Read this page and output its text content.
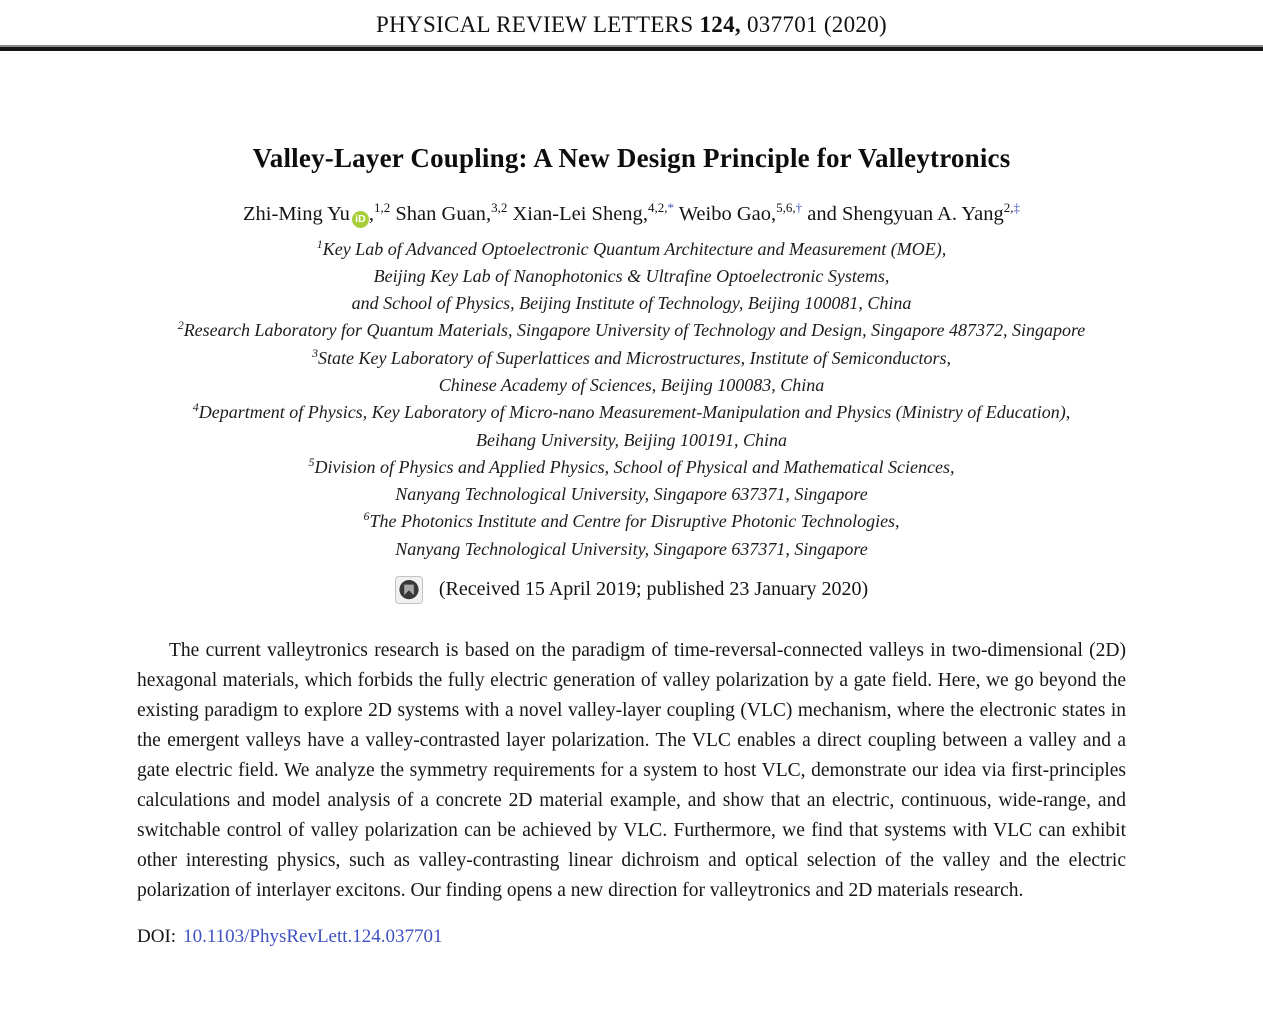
PHYSICAL REVIEW LETTERS 124, 037701 (2020)
Valley-Layer Coupling: A New Design Principle for Valleytronics
Zhi-Ming Yu iD ,$^{1,2}$ Shan Guan,$^{3,2}$ Xian-Lei Sheng,$^{4,2,*}$ Weibo Gao,$^{5,6,\dagger}$ and Shengyuan A. Yang$^{2,\ddagger}$
$^1$Key Lab of Advanced Optoelectronic Quantum Architecture and Measurement (MOE),
Beijing Key Lab of Nanophotonics & Ultrafine Optoelectronic Systems,
and School of Physics, Beijing Institute of Technology, Beijing 100081, China
$^2$Research Laboratory for Quantum Materials, Singapore University of Technology and Design, Singapore 487372, Singapore
$^3$State Key Laboratory of Superlattices and Microstructures, Institute of Semiconductors,
Chinese Academy of Sciences, Beijing 100083, China
$^4$Department of Physics, Key Laboratory of Micro-nano Measurement-Manipulation and Physics (Ministry of Education),
Beihang University, Beijing 100191, China
$^5$Division of Physics and Applied Physics, School of Physical and Mathematical Sciences,
Nanyang Technological University, Singapore 637371, Singapore
$^6$The Photonics Institute and Centre for Disruptive Photonic Technologies,
Nanyang Technological University, Singapore 637371, Singapore
(Received 15 April 2019; published 23 January 2020)

The current valleytronics research is based on the paradigm of time-reversal-connected valleys in two-dimensional (2D) hexagonal materials, which forbids the fully electric generation of valley polarization by a gate field. Here, we go beyond the existing paradigm to explore 2D systems with a novel valley-layer coupling (VLC) mechanism, where the electronic states in the emergent valleys have a valley-contrasted layer polarization. The VLC enables a direct coupling between a valley and a gate electric field. We analyze the symmetry requirements for a system to host VLC, demonstrate our idea via first-principles calculations and model analysis of a concrete 2D material example, and show that an electric, continuous, wide-range, and switchable control of valley polarization can be achieved by VLC. Furthermore, we find that systems with VLC can exhibit other interesting physics, such as valley-contrasting linear dichroism and optical selection of the valley and the electric polarization of interlayer excitons. Our finding opens a new direction for valleytronics and 2D materials research.

DOI: 10.1103/PhysRevLett.124.037701
